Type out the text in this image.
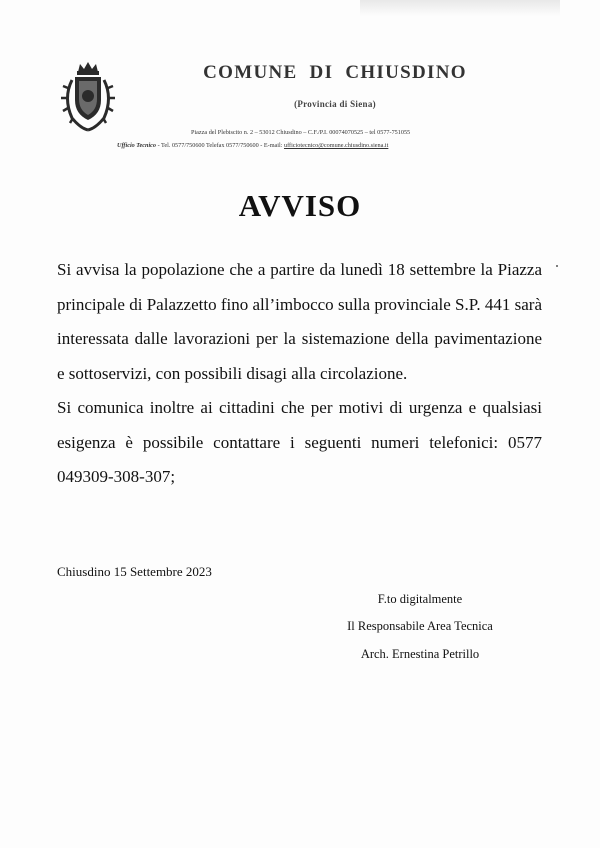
COMUNE DI CHIUSDINO
(Provincia di Siena)
Piazza del Plebiscito n. 2 – 53012 Chiusdino – C.F./P.I. 00074070525 – tel 0577-751055
Ufficio Tecnico - Tel. 0577/750600 Telefax 0577/750600 - E-mail: ufficiotecnico@comune.chiusdino.siena.it
AVVISO

Si avvisa la popolazione che a partire da lunedì 18 settembre la Piazza principale di Palazzetto fino all’imbocco sulla provinciale S.P. 441 sarà interessata dalle lavorazioni per la sistemazione della pavimentazione e sottoservizi, con possibili disagi alla circolazione.

Si comunica inoltre ai cittadini che per motivi di urgenza e qualsiasi esigenza è possibile contattare i seguenti numeri telefonici: 0577 049309-308-307;

Chiusdino 15 Settembre 2023
F.to digitalmente
Il Responsabile Area Tecnica
Arch. Ernestina Petrillo
